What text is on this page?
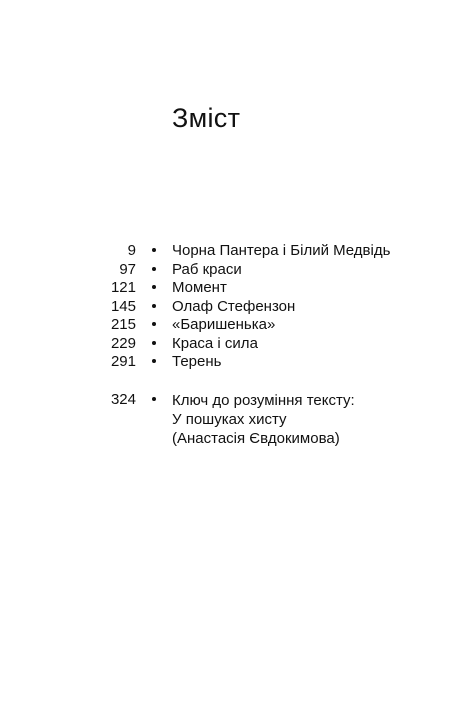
Зміст
9 Чорна Пантера і Білий Медвідь
97 Раб краси
121 Момент
145 Олаф Стефензон
215 «Баришенька»
229 Краса і сила
291 Терень
324 Ключ до розуміння тексту:
У пошуках хисту
(Анастасія Євдокимова)
